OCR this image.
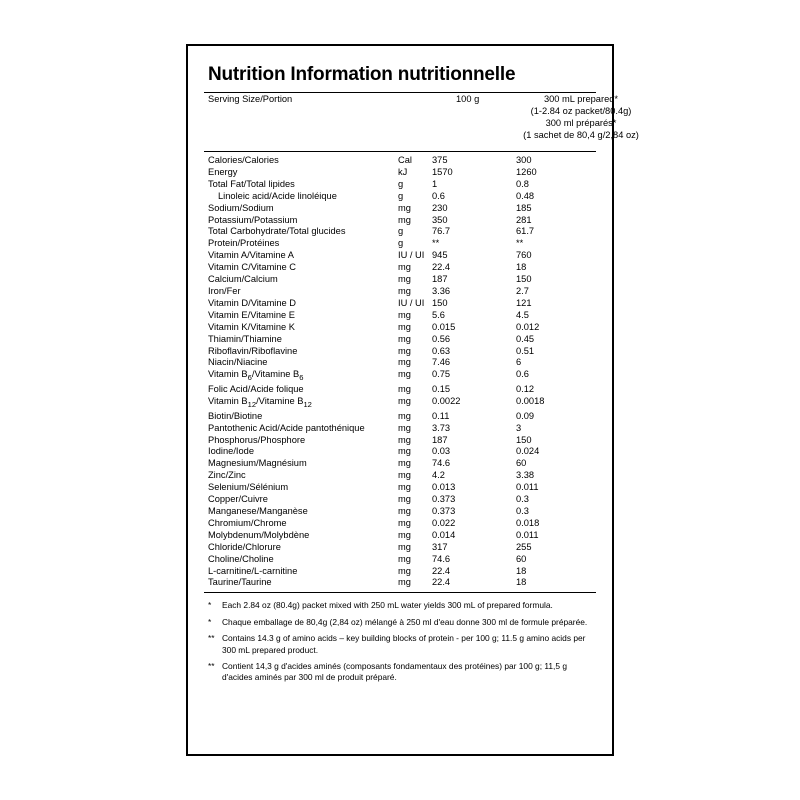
Nutrition Information nutritionnelle
Serving Size/Portion	100 g	300 mL prepared*
(1-2.84 oz packet/80.4g)
300 ml préparés*
(1 sachet de 80,4 g/2,84 oz)
Calories/Calories	Cal	375	300
Energy	kJ	1570	1260
Total Fat/Total lipides	g	1	0.8
Linoleic acid/Acide linoléique	g	0.6	0.48
Sodium/Sodium	mg	230	185
Potassium/Potassium	mg	350	281
Total Carbohydrate/Total glucides	g	76.7	61.7
Protein/Protéines	g	**	**
Vitamin A/Vitamine A	IU / UI	945	760
Vitamin C/Vitamine C	mg	22.4	18
Calcium/Calcium	mg	187	150
Iron/Fer	mg	3.36	2.7
Vitamin D/Vitamine D	IU / UI	150	121
Vitamin E/Vitamine E	mg	5.6	4.5
Vitamin K/Vitamine K	mg	0.015	0.012
Thiamin/Thiamine	mg	0.56	0.45
Riboflavin/Riboflavine	mg	0.63	0.51
Niacin/Niacine	mg	7.46	6
Vitamin $B_6$/Vitamine $B_6$	mg	0.75	0.6
Folic Acid/Acide folique	mg	0.15	0.12
Vitamin $B_{12}$/Vitamine $B_{12}$	mg	0.0022	0.0018
Biotin/Biotine	mg	0.11	0.09
Pantothenic Acid/Acide pantothénique	mg	3.73	3
Phosphorus/Phosphore	mg	187	150
Iodine/Iode	mg	0.03	0.024
Magnesium/Magnésium	mg	74.6	60
Zinc/Zinc	mg	4.2	3.38
Selenium/Sélénium	mg	0.013	0.011
Copper/Cuivre	mg	0.373	0.3
Manganese/Manganèse	mg	0.373	0.3
Chromium/Chrome	mg	0.022	0.018
Molybdenum/Molybdène	mg	0.014	0.011
Chloride/Chlorure	mg	317	255
Choline/Choline	mg	74.6	60
L-carnitine/L-carnitine	mg	22.4	18
Taurine/Taurine	mg	22.4	18
* Each 2.84 oz (80.4g) packet mixed with 250 mL water yields 300 mL of prepared formula.
* Chaque emballage de 80,4g (2,84 oz) mélangé à 250 ml d'eau donne 300 ml de formule préparée.
** Contains 14.3 g of amino acids – key building blocks of protein - per 100 g; 11.5 g amino acids per 300 mL prepared product.
** Contient 14,3 g d'acides aminés (composants fondamentaux des protéines) par 100 g; 11,5 g d'acides aminés par 300 ml de produit préparé.
